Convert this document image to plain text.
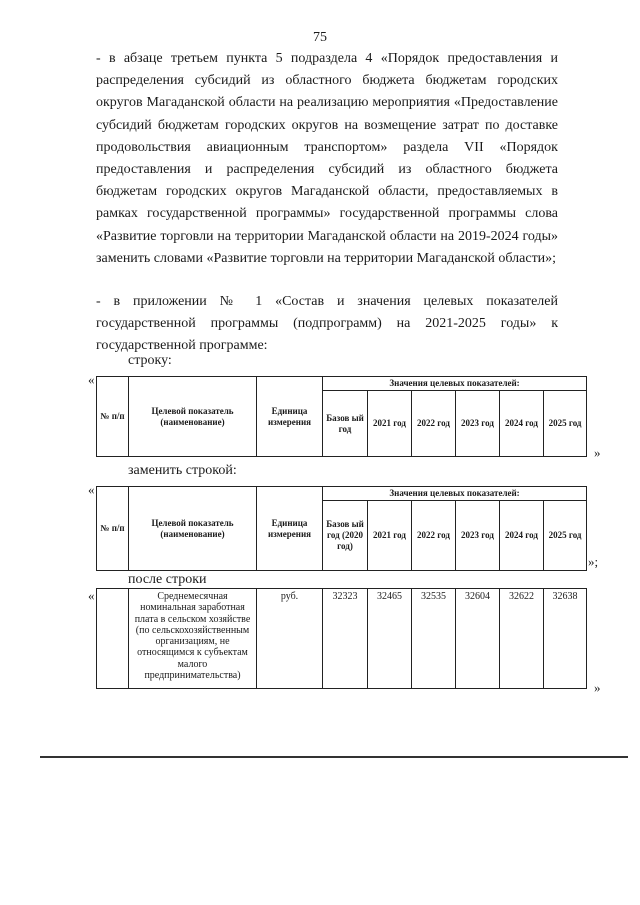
75
- в абзаце третьем пункта 5 подраздела 4 «Порядок предоставления и распределения субсидий из областного бюджета бюджетам городских округов Магаданской области на реализацию мероприятия «Предоставление субсидий бюджетам городских округов на возмещение затрат по доставке продовольствия авиационным транспортом» раздела VII «Порядок предоставления и распределения субсидий из областного бюджета бюджетам городских округов Магаданской области, предоставляемых в рамках государственной программы» государственной программы слова «Развитие торговли на территории Магаданской области на 2019-2024 годы» заменить словами «Развитие торговли на территории Магаданской области»;
- в приложении № 1 «Состав и значения целевых показателей государственной программы (подпрограмм) на 2021-2025 годы» к государственной программе:
строку:
«
№ п/п	Целевой показатель (наименование)	Единица измерения	Значения целевых показателей:					
			Базов ый год	2021 год	2022 год	2023 год	2024 год	2025 год
»
заменить строкой:
«
№ п/п	Целевой показатель (наименование)	Единица измерения	Значения целевых показателей:					
			Базов ый год (2020 год)	2021 год	2022 год	2023 год	2024 год	2025 год
»;
после строки
«
		Среднемесячная номинальная заработная плата в сельском хозяйстве (по сельскохозяйственным организациям, не относящимся к субъектам малого предпринимательства)	руб.	32323	32465	32535	32604	32622	32638
»
